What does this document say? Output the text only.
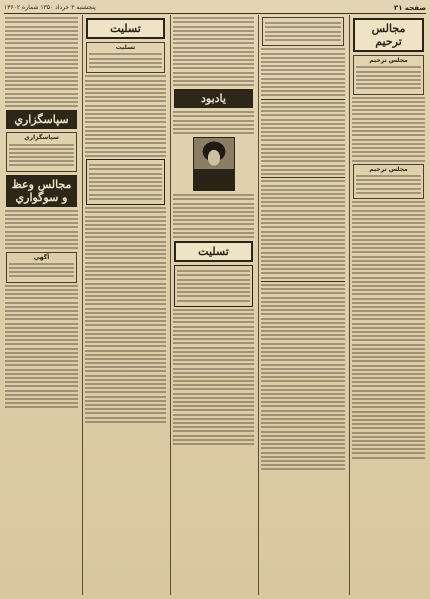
صفحه ۳۱
پنجشنبه ۳ خرداد ۱۳۵۰ شماره ۱۳۶۰۲
مجالس ترحيم
مجلس ترحيم
مجلس ترحيم
يادبود
تسليت
تسليت
تسليت
سپاسگزاري
سپاسگزاري
مجالس وعظ و سوگواري
آگهي
